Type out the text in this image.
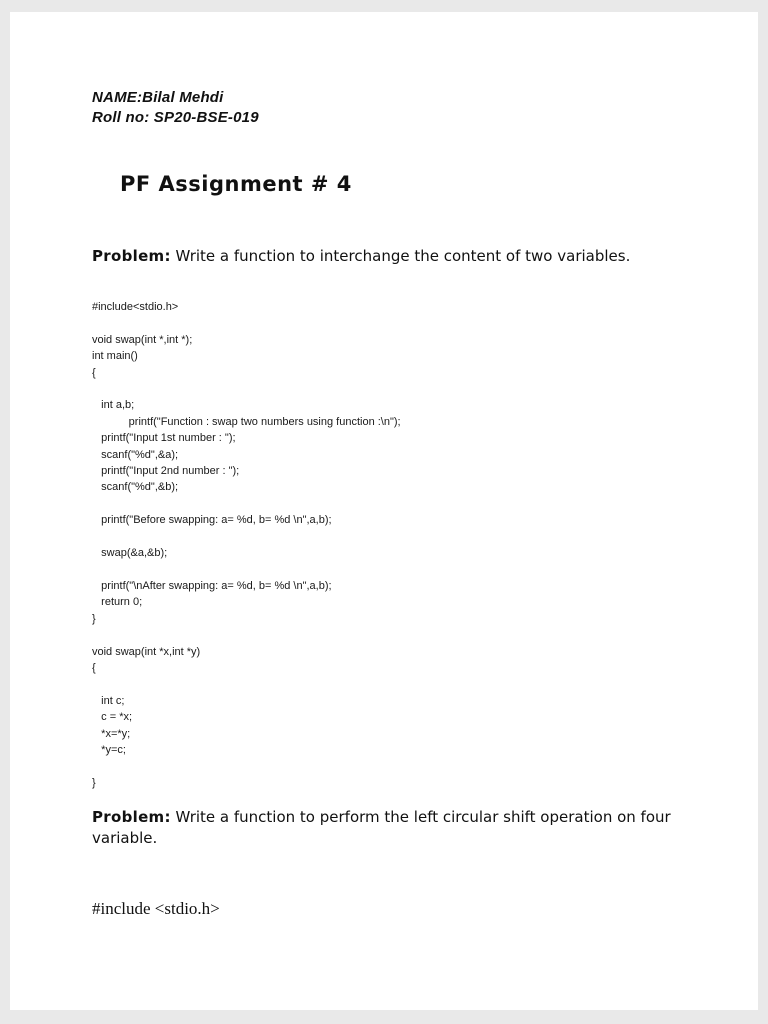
NAME:Bilal Mehdi
Roll no: SP20-BSE-019
PF Assignment # 4
Problem: Write a function to interchange the content of two variables.
#include<stdio.h>

void swap(int *,int *);
int main()
{

int a,b;
printf("Function : swap two numbers using function :\n");
printf("Input 1st number : ");
scanf("%d",&a);
printf("Input 2nd number : ");
scanf("%d",&b);

printf("Before swapping: a= %d, b= %d \n",a,b);

swap(&a,&b);

printf("\nAfter swapping: a= %d, b= %d \n",a,b);
return 0;
}

void swap(int *x,int *y)
{

int c;
c = *x;
*x=*y;
*y=c;

}
Problem: Write a function to perform the left circular shift operation on four variable.
#include <stdio.h>
